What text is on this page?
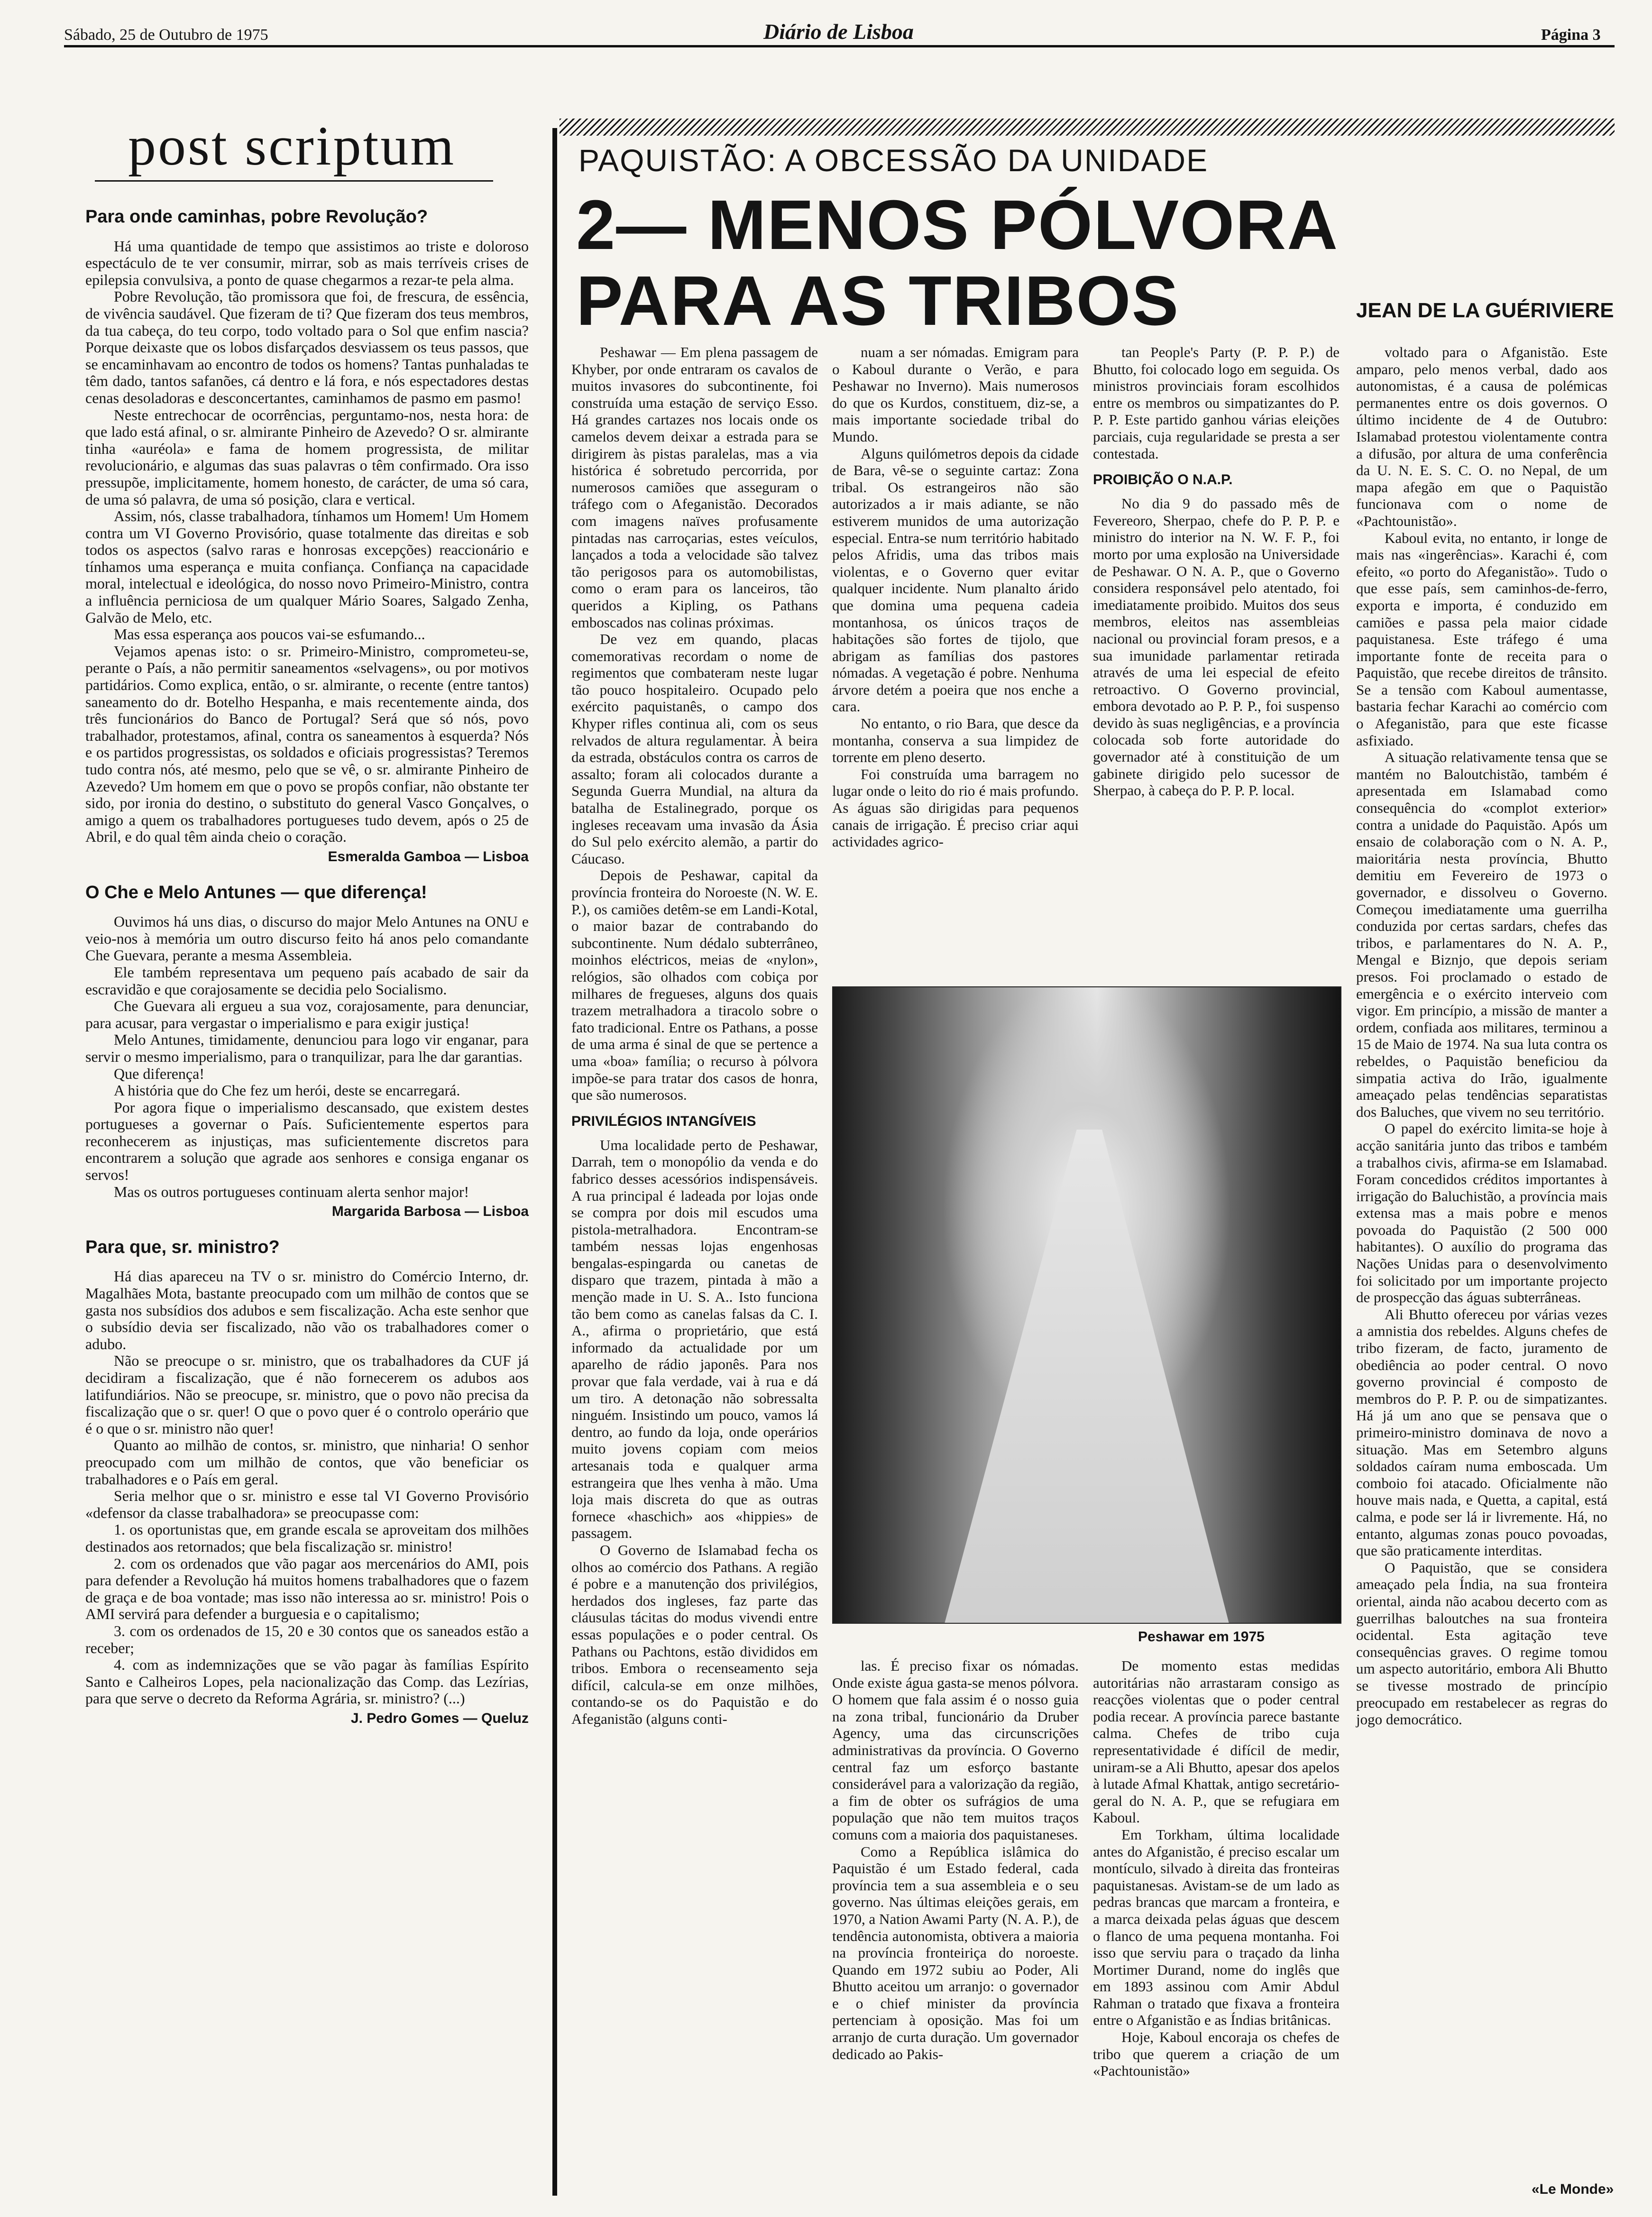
Sábado, 25 de Outubro de 1975	Diário de Lisboa	Página 3
post scriptum
Para onde caminhas, pobre Revolução?

Há uma quantidade de tempo que assistimos ao triste e doloroso espectáculo de te ver consumir, mirrar, sob as mais terríveis crises de epilepsia convulsiva, a ponto de quase chegarmos a rezar-te pela alma.

Pobre Revolução, tão promissora que foi, de frescura, de essência, de vivência saudável. Que fizeram de ti? Que fizeram dos teus membros, da tua cabeça, do teu corpo, todo voltado para o Sol que enfim nascia? Porque deixaste que os lobos disfarçados desviassem os teus passos, que se encaminhavam ao encontro de todos os homens? Tantas punhaladas te têm dado, tantos safanões, cá dentro e lá fora, e nós espectadores destas cenas desoladoras e desconcertantes, caminhamos de pasmo em pasmo!

Neste entrechocar de ocorrências, perguntamo-nos, nesta hora: de que lado está afinal, o sr. almirante Pinheiro de Azevedo? O sr. almirante tinha «auréola» e fama de homem progressista, de militar revolucionário, e algumas das suas palavras o têm confirmado. Ora isso pressupõe, implicitamente, homem honesto, de carácter, de uma só cara, de uma só palavra, de uma só posição, clara e vertical.

Assim, nós, classe trabalhadora, tínhamos um Homem! Um Homem contra um VI Governo Provisório, quase totalmente das direitas e sob todos os aspectos (salvo raras e honrosas excepções) reaccionário e tínhamos uma esperança e muita confiança. Confiança na capacidade moral, intelectual e ideológica, do nosso novo Primeiro-Ministro, contra a influência perniciosa de um qualquer Mário Soares, Salgado Zenha, Galvão de Melo, etc.

Mas essa esperança aos poucos vai-se esfumando...

Vejamos apenas isto: o sr. Primeiro-Ministro, comprometeu-se, perante o País, a não permitir saneamentos «selvagens», ou por motivos partidários. Como explica, então, o sr. almirante, o recente (entre tantos) saneamento do dr. Botelho Hespanha, e mais recentemente ainda, dos três funcionários do Banco de Portugal? Será que só nós, povo trabalhador, protestamos, afinal, contra os saneamentos à esquerda? Nós e os partidos progressistas, os soldados e oficiais progressistas? Teremos tudo contra nós, até mesmo, pelo que se vê, o sr. almirante Pinheiro de Azevedo? Um homem em que o povo se propôs confiar, não obstante ter sido, por ironia do destino, o substituto do general Vasco Gonçalves, o amigo a quem os trabalhadores portugueses tudo devem, após o 25 de Abril, e do qual têm ainda cheio o coração.

Esmeralda Gamboa — Lisboa
O Che e Melo Antunes — que diferença!

Ouvimos há uns dias, o discurso do major Melo Antunes na ONU e veio-nos à memória um outro discurso feito há anos pelo comandante Che Guevara, perante a mesma Assembleia.

Ele também representava um pequeno país acabado de sair da escravidão e que corajosamente se decidia pelo Socialismo.

Che Guevara ali ergueu a sua voz, corajosamente, para denunciar, para acusar, para vergastar o imperialismo e para exigir justiça!

Melo Antunes, timidamente, denunciou para logo vir enganar, para servir o mesmo imperialismo, para o tranquilizar, para lhe dar garantias.

Que diferença!

A história que do Che fez um herói, deste se encarregará.

Por agora fique o imperialismo descansado, que existem destes portugueses a governar o País. Suficientemente espertos para reconhecerem as injustiças, mas suficientemente discretos para encontrarem a solução que agrade aos senhores e consiga enganar os servos!

Mas os outros portugueses continuam alerta senhor major!

Margarida Barbosa — Lisboa
Para que, sr. ministro?

Há dias apareceu na TV o sr. ministro do Comércio Interno, dr. Magalhães Mota, bastante preocupado com um milhão de contos que se gasta nos subsídios dos adubos e sem fiscalização. Acha este senhor que o subsídio devia ser fiscalizado, não vão os trabalhadores comer o adubo.

Não se preocupe o sr. ministro, que os trabalhadores da CUF já decidiram a fiscalização, que é não fornecerem os adubos aos latifundiários. Não se preocupe, sr. ministro, que o povo não precisa da fiscalização que o sr. quer! O que o povo quer é o controlo operário que é o que o sr. ministro não quer!

Quanto ao milhão de contos, sr. ministro, que ninharia! O senhor preocupado com um milhão de contos, que vão beneficiar os trabalhadores e o País em geral.

Seria melhor que o sr. ministro e esse tal VI Governo Provisório «defensor da classe trabalhadora» se preocupasse com:

1. os oportunistas que, em grande escala se aproveitam dos milhões destinados aos retornados; que bela fiscalização sr. ministro!

2. com os ordenados que vão pagar aos mercenários do AMI, pois para defender a Revolução há muitos homens trabalhadores que o fazem de graça e de boa vontade; mas isso não interessa ao sr. ministro! Pois o AMI servirá para defender a burguesia e o capitalismo;

3. com os ordenados de 15, 20 e 30 contos que os saneados estão a receber;

4. com as indemnizações que se vão pagar às famílias Espírito Santo e Calheiros Lopes, pela nacionalização das Comp. das Lezírias, para que serve o decreto da Reforma Agrária, sr. ministro? (...)

J. Pedro Gomes — Queluz
PAQUISTÃO: A OBCESSÃO DA UNIDADE
2— MENOS PÓLVORA
PARA AS TRIBOS	JEAN DE LA GUÉRIVIERE

Peshawar — Em plena passagem de Khyber, por onde entraram os cavalos de muitos invasores do subcontinente, foi construída uma estação de serviço Esso. Há grandes cartazes nos locais onde os camelos devem deixar a estrada para se dirigirem às pistas paralelas, mas a via histórica é sobretudo percorrida, por numerosos camiões que asseguram o tráfego com o Afeganistão. Decorados com imagens naïves profusamente pintadas nas carroçarias, estes veículos, lançados a toda a velocidade são talvez tão perigosos para os automobilistas, como o eram para os lanceiros, tão queridos a Kipling, os Pathans emboscados nas colinas próximas.

De vez em quando, placas comemorativas recordam o nome de regimentos que combateram neste lugar tão pouco hospitaleiro. Ocupado pelo exército paquistanês, o campo dos Khyper rifles continua ali, com os seus relvados de altura regulamentar. À beira da estrada, obstáculos contra os carros de assalto; foram ali colocados durante a Segunda Guerra Mundial, na altura da batalha de Estalinegrado, porque os ingleses receavam uma invasão da Ásia do Sul pelo exército alemão, a partir do Cáucaso.

Depois de Peshawar, capital da província fronteira do Noroeste (N. W. E. P.), os camiões detêm-se em Landi-Kotal, o maior bazar de contrabando do subcontinente. Num dédalo subterrâneo, moinhos eléctricos, meias de «nylon», relógios, são olhados com cobiça por milhares de fregueses, alguns dos quais trazem metralhadora a tiracolo sobre o fato tradicional. Entre os Pathans, a posse de uma arma é sinal de que se pertence a uma «boa» família; o recurso à pólvora impõe-se para tratar dos casos de honra, que são numerosos.

PRIVILÉGIOS INTANGÍVEIS

Uma localidade perto de Peshawar, Darrah, tem o monopólio da venda e do fabrico desses acessórios indispensáveis. A rua principal é ladeada por lojas onde se compra por dois mil escudos uma pistola-metralhadora. Encontram-se também nessas lojas engenhosas bengalas-espingarda ou canetas de disparo que trazem, pintada à mão a menção made in U. S. A.. Isto funciona tão bem como as canelas falsas da C. I. A., afirma o proprietário, que está informado da actualidade por um aparelho de rádio japonês. Para nos provar que fala verdade, vai à rua e dá um tiro. A detonação não sobressalta ninguém. Insistindo um pouco, vamos lá dentro, ao fundo da loja, onde operários muito jovens copiam com meios artesanais toda e qualquer arma estrangeira que lhes venha à mão. Uma loja mais discreta do que as outras fornece «haschich» aos «hippies» de passagem.

O Governo de Islamabad fecha os olhos ao comércio dos Pathans. A região é pobre e a manutenção dos privilégios, herdados dos ingleses, faz parte das cláusulas tácitas do modus vivendi entre essas populações e o poder central. Os Pathans ou Pachtons, estão divididos em tribos. Embora o recenseamento seja difícil, calcula-se em onze milhões, contando-se os do Paquistão e do Afeganistão (alguns conti-

nuam a ser nómadas. Emigram para o Kaboul durante o Verão, e para Peshawar no Inverno). Mais numerosos do que os Kurdos, constituem, diz-se, a mais importante sociedade tribal do Mundo.

Alguns quilómetros depois da cidade de Bara, vê-se o seguinte cartaz: Zona tribal. Os estrangeiros não são autorizados a ir mais adiante, se não estiverem munidos de uma autorização especial. Entra-se num território habitado pelos Afridis, uma das tribos mais violentas, e o Governo quer evitar qualquer incidente. Num planalto árido que domina uma pequena cadeia montanhosa, os únicos traços de habitações são fortes de tijolo, que abrigam as famílias dos pastores nómadas. A vegetação é pobre. Nenhuma árvore detém a poeira que nos enche a cara.

No entanto, o rio Bara, que desce da montanha, conserva a sua limpidez de torrente em pleno deserto.

Foi construída uma barragem no lugar onde o leito do rio é mais profundo. As águas são dirigidas para pequenos canais de irrigação. É preciso criar aqui actividades agrico-

tan People's Party (P. P. P.) de Bhutto, foi colocado logo em seguida. Os ministros provinciais foram escolhidos entre os membros ou simpatizantes do P. P. P. Este partido ganhou várias eleições parciais, cuja regularidade se presta a ser contestada.

PROIBIÇÃO O N.A.P.

No dia 9 do passado mês de Fevereoro, Sherpao, chefe do P. P. P. e ministro do interior na N. W. F. P., foi morto por uma explosão na Universidade de Peshawar. O N. A. P., que o Governo considera responsável pelo atentado, foi imediatamente proibido. Muitos dos seus membros, eleitos nas assembleias nacional ou provincial foram presos, e a sua imunidade parlamentar retirada através de uma lei especial de efeito retroactivo. O Governo provincial, embora devotado ao P. P. P., foi suspenso devido às suas negligências, e a província colocada sob forte autoridade do governador até à constituição de um gabinete dirigido pelo sucessor de Sherpao, à cabeça do P. P. P. local.

Peshawar em 1975

las. É preciso fixar os nómadas. Onde existe água gasta-se menos pólvora. O homem que fala assim é o nosso guia na zona tribal, funcionário da Druber Agency, uma das circunscrições administrativas da província. O Governo central faz um esforço bastante considerável para a valorização da região, a fim de obter os sufrágios de uma população que não tem muitos traços comuns com a maioria dos paquistaneses.

Como a República islâmica do Paquistão é um Estado federal, cada província tem a sua assembleia e o seu governo. Nas últimas eleições gerais, em 1970, a Nation Awami Party (N. A. P.), de tendência autonomista, obtivera a maioria na província fronteiriça do noroeste. Quando em 1972 subiu ao Poder, Ali Bhutto aceitou um arranjo: o governador e o chief minister da província pertenciam à oposição. Mas foi um arranjo de curta duração. Um governador dedicado ao Pakis-

De momento estas medidas autoritárias não arrastaram consigo as reacções violentas que o poder central podia recear. A província parece bastante calma. Chefes de tribo cuja representatividade é difícil de medir, uniram-se a Ali Bhutto, apesar dos apelos à lutade Afmal Khattak, antigo secretário-geral do N. A. P., que se refugiara em Kaboul.

Em Torkham, última localidade antes do Afganistão, é preciso escalar um montículo, silvado à direita das fronteiras paquistanesas. Avistam-se de um lado as pedras brancas que marcam a fronteira, e a marca deixada pelas águas que descem o flanco de uma pequena montanha. Foi isso que serviu para o traçado da linha Mortimer Durand, nome do inglês que em 1893 assinou com Amir Abdul Rahman o tratado que fixava a fronteira entre o Afganistão e as Índias britânicas.

Hoje, Kaboul encoraja os chefes de tribo que querem a criação de um «Pachtounistão»

voltado para o Afganistão. Este amparo, pelo menos verbal, dado aos autonomistas, é a causa de polémicas permanentes entre os dois governos. O último incidente de 4 de Outubro: Islamabad protestou violentamente contra a difusão, por altura de uma conferência da U. N. E. S. C. O. no Nepal, de um mapa afegão em que o Paquistão funcionava com o nome de «Pachtounistão».

Kaboul evita, no entanto, ir longe de mais nas «ingerências». Karachi é, com efeito, «o porto do Afeganistão». Tudo o que esse país, sem caminhos-de-ferro, exporta e importa, é conduzido em camiões e passa pela maior cidade paquistanesa. Este tráfego é uma importante fonte de receita para o Paquistão, que recebe direitos de trânsito. Se a tensão com Kaboul aumentasse, bastaria fechar Karachi ao comércio com o Afeganistão, para que este ficasse asfixiado.

A situação relativamente tensa que se mantém no Baloutchistão, também é apresentada em Islamabad como consequência do «complot exterior» contra a unidade do Paquistão. Após um ensaio de colaboração com o N. A. P., maioritária nesta província, Bhutto demitiu em Fevereiro de 1973 o governador, e dissolveu o Governo. Começou imediatamente uma guerrilha conduzida por certas sardars, chefes das tribos, e parlamentares do N. A. P., Mengal e Biznjo, que depois seriam presos. Foi proclamado o estado de emergência e o exército interveio com vigor. Em princípio, a missão de manter a ordem, confiada aos militares, terminou a 15 de Maio de 1974. Na sua luta contra os rebeldes, o Paquistão beneficiou da simpatia activa do Irão, igualmente ameaçado pelas tendências separatistas dos Baluches, que vivem no seu território.

O papel do exército limita-se hoje à acção sanitária junto das tribos e também a trabalhos civis, afirma-se em Islamabad. Foram concedidos créditos importantes à irrigação do Baluchistão, a província mais extensa mas a mais pobre e menos povoada do Paquistão (2 500 000 habitantes). O auxílio do programa das Nações Unidas para o desenvolvimento foi solicitado por um importante projecto de prospecção das águas subterrâneas.

Ali Bhutto ofereceu por várias vezes a amnistia dos rebeldes. Alguns chefes de tribo fizeram, de facto, juramento de obediência ao poder central. O novo governo provincial é composto de membros do P. P. P. ou de simpatizantes. Há já um ano que se pensava que o primeiro-ministro dominava de novo a situação. Mas em Setembro alguns soldados caíram numa emboscada. Um comboio foi atacado. Oficialmente não houve mais nada, e Quetta, a capital, está calma, e pode ser lá ir livremente. Há, no entanto, algumas zonas pouco povoadas, que são praticamente interditas.

O Paquistão, que se considera ameaçado pela Índia, na sua fronteira oriental, ainda não acabou decerto com as guerrilhas baloutches na sua fronteira ocidental. Esta agitação teve consequências graves. O regime tomou um aspecto autoritário, embora Ali Bhutto se tivesse mostrado de princípio preocupado em restabelecer as regras do jogo democrático.

«Le Monde»
